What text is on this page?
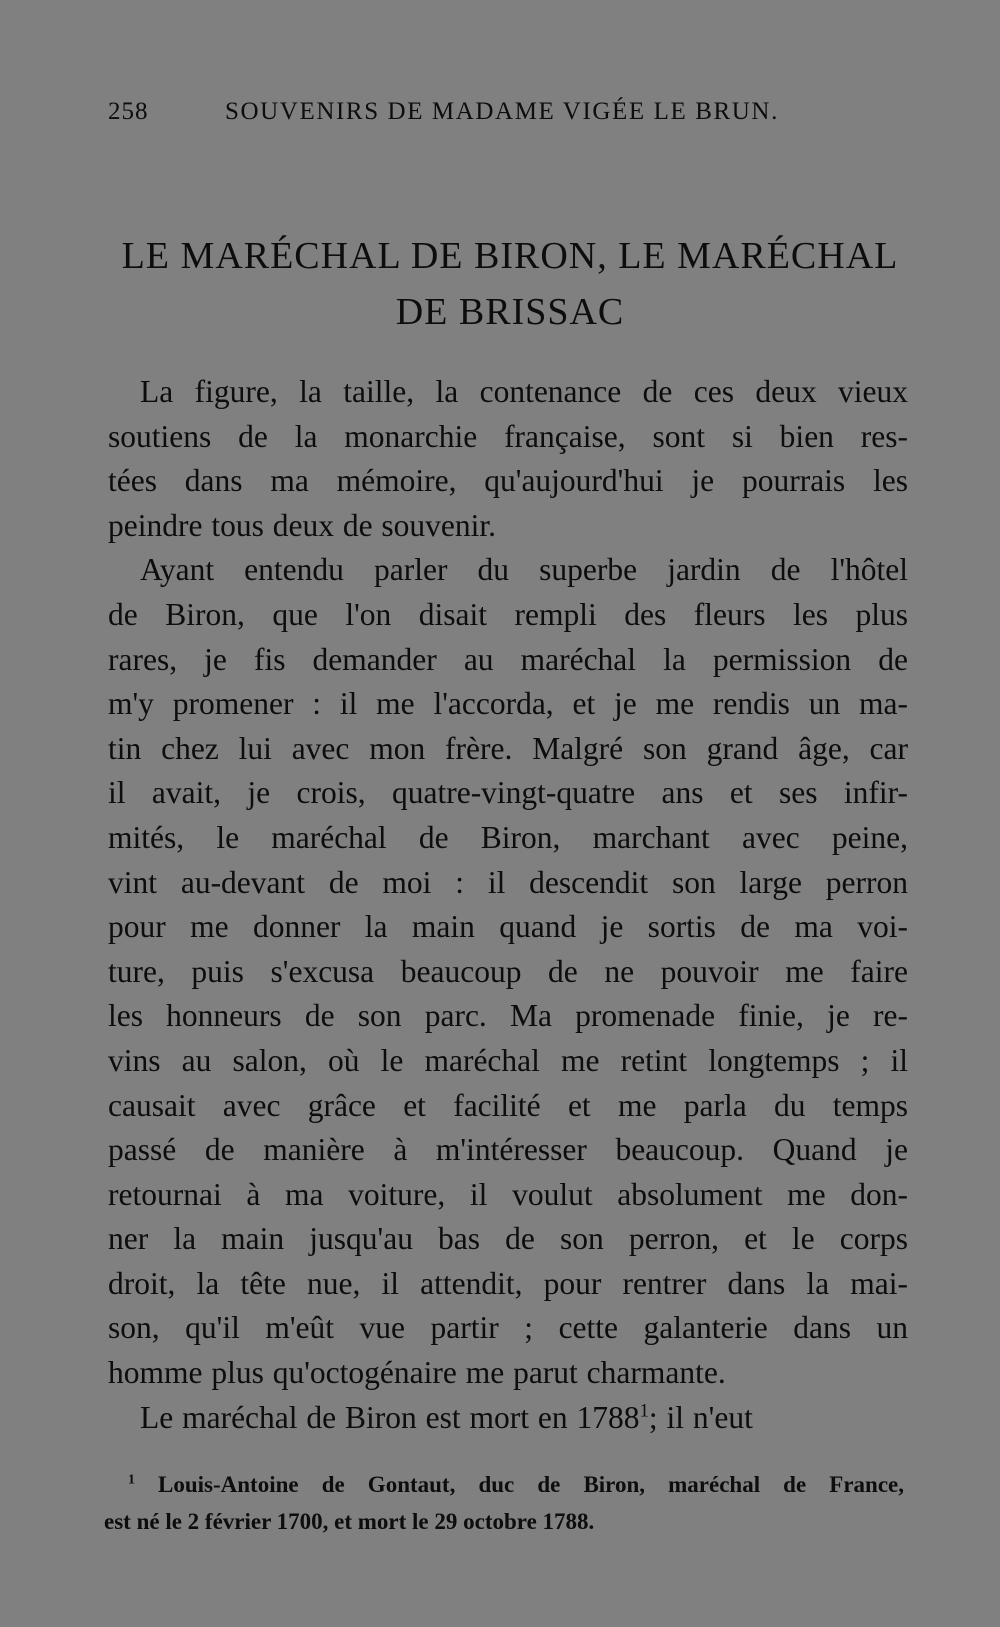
258	SOUVENIRS DE MADAME VIGÉE LE BRUN.
LE MARÉCHAL DE BIRON, LE MARÉCHAL
DE BRISSAC

La figure, la taille, la contenance de ces deux vieux
soutiens de la monarchie française, sont si bien res-
tées dans ma mémoire, qu'aujourd'hui je pourrais les
peindre tous deux de souvenir.

Ayant entendu parler du superbe jardin de l'hôtel
de Biron, que l'on disait rempli des fleurs les plus
rares, je fis demander au maréchal la permission de
m'y promener : il me l'accorda, et je me rendis un ma-
tin chez lui avec mon frère. Malgré son grand âge, car
il avait, je crois, quatre-vingt-quatre ans et ses infir-
mités, le maréchal de Biron, marchant avec peine,
vint au-devant de moi : il descendit son large perron
pour me donner la main quand je sortis de ma voi-
ture, puis s'excusa beaucoup de ne pouvoir me faire
les honneurs de son parc. Ma promenade finie, je re-
vins au salon, où le maréchal me retint longtemps ; il
causait avec grâce et facilité et me parla du temps
passé de manière à m'intéresser beaucoup. Quand je
retournai à ma voiture, il voulut absolument me don-
ner la main jusqu'au bas de son perron, et le corps
droit, la tête nue, il attendit, pour rentrer dans la mai-
son, qu'il m'eût vue partir ; cette galanterie dans un
homme plus qu'octogénaire me parut charmante.

Le maréchal de Biron est mort en 1788$^1$; il n'eut

$^1$ Louis-Antoine de Gontaut, duc de Biron, maréchal de France,
est né le 2 février 1700, et mort le 29 octobre 1788.
